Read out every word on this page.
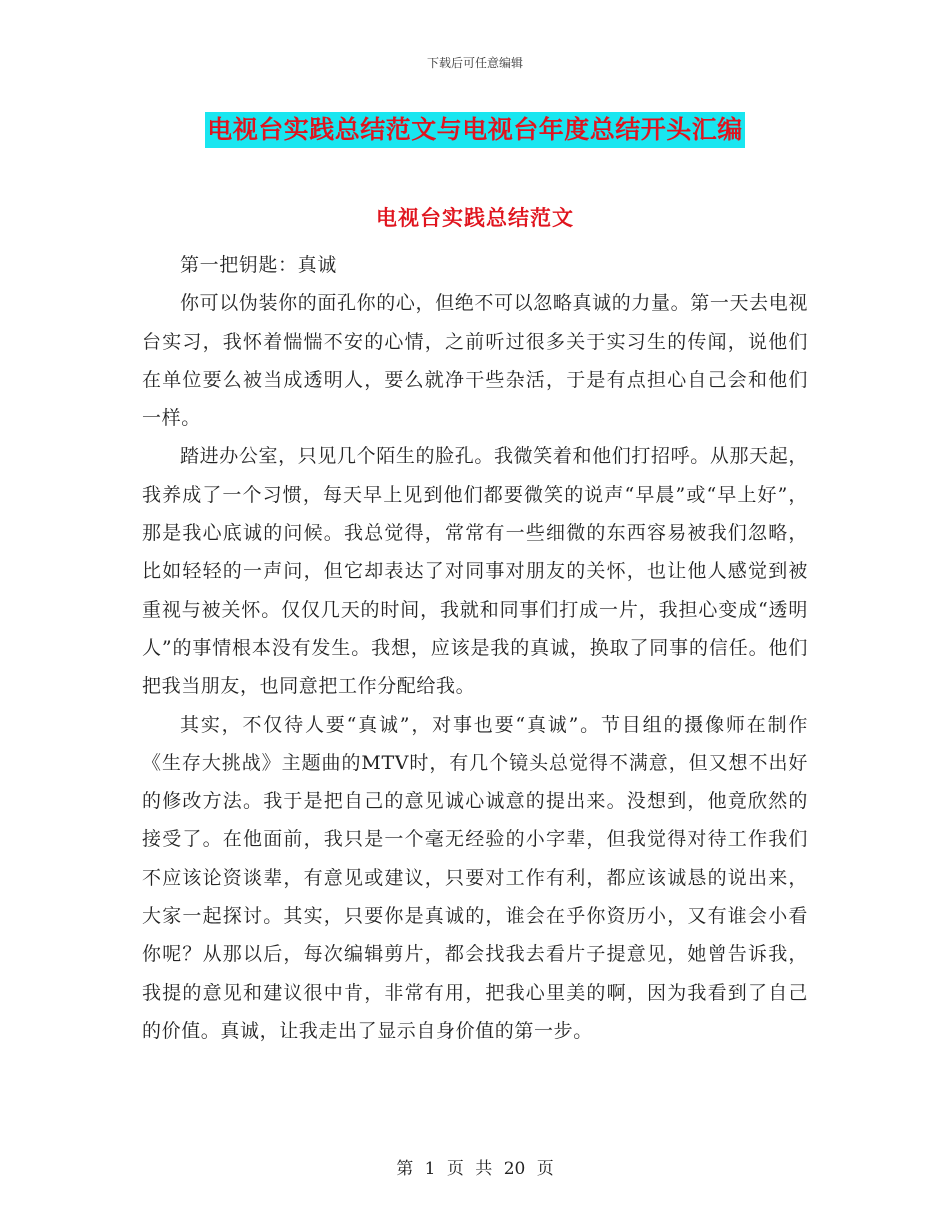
下载后可任意编辑
电视台实践总结范文与电视台年度总结开头汇编
电视台实践总结范文

第一把钥匙：真诚

你可以伪装你的面孔你的心，但绝不可以忽略真诚的力量。第一天去电视台实习，我怀着惴惴不安的心情，之前听过很多关于实习生的传闻，说他们在单位要么被当成透明人，要么就净干些杂活，于是有点担心自己会和他们一样。

踏进办公室，只见几个陌生的脸孔。我微笑着和他们打招呼。从那天起，我养成了一个习惯，每天早上见到他们都要微笑的说声“早晨”或“早上好”，那是我心底诚的问候。我总觉得，常常有一些细微的东西容易被我们忽略，比如轻轻的一声问，但它却表达了对同事对朋友的关怀，也让他人感觉到被重视与被关怀。仅仅几天的时间，我就和同事们打成一片，我担心变成“透明人”的事情根本没有发生。我想，应该是我的真诚，换取了同事的信任。他们把我当朋友，也同意把工作分配给我。

其实，不仅待人要“真诚”，对事也要“真诚”。节目组的摄像师在制作《生存大挑战》主题曲的MTV时，有几个镜头总觉得不满意，但又想不出好的修改方法。我于是把自己的意见诚心诚意的提出来。没想到，他竟欣然的接受了。在他面前，我只是一个毫无经验的小字辈，但我觉得对待工作我们不应该论资谈辈，有意见或建议，只要对工作有利，都应该诚恳的说出来，大家一起探讨。其实，只要你是真诚的，谁会在乎你资历小，又有谁会小看你呢？从那以后，每次编辑剪片，都会找我去看片子提意见，她曾告诉我，我提的意见和建议很中肯，非常有用，把我心里美的啊，因为我看到了自己的价值。真诚，让我走出了显示自身价值的第一步。

第 1 页 共 20 页
